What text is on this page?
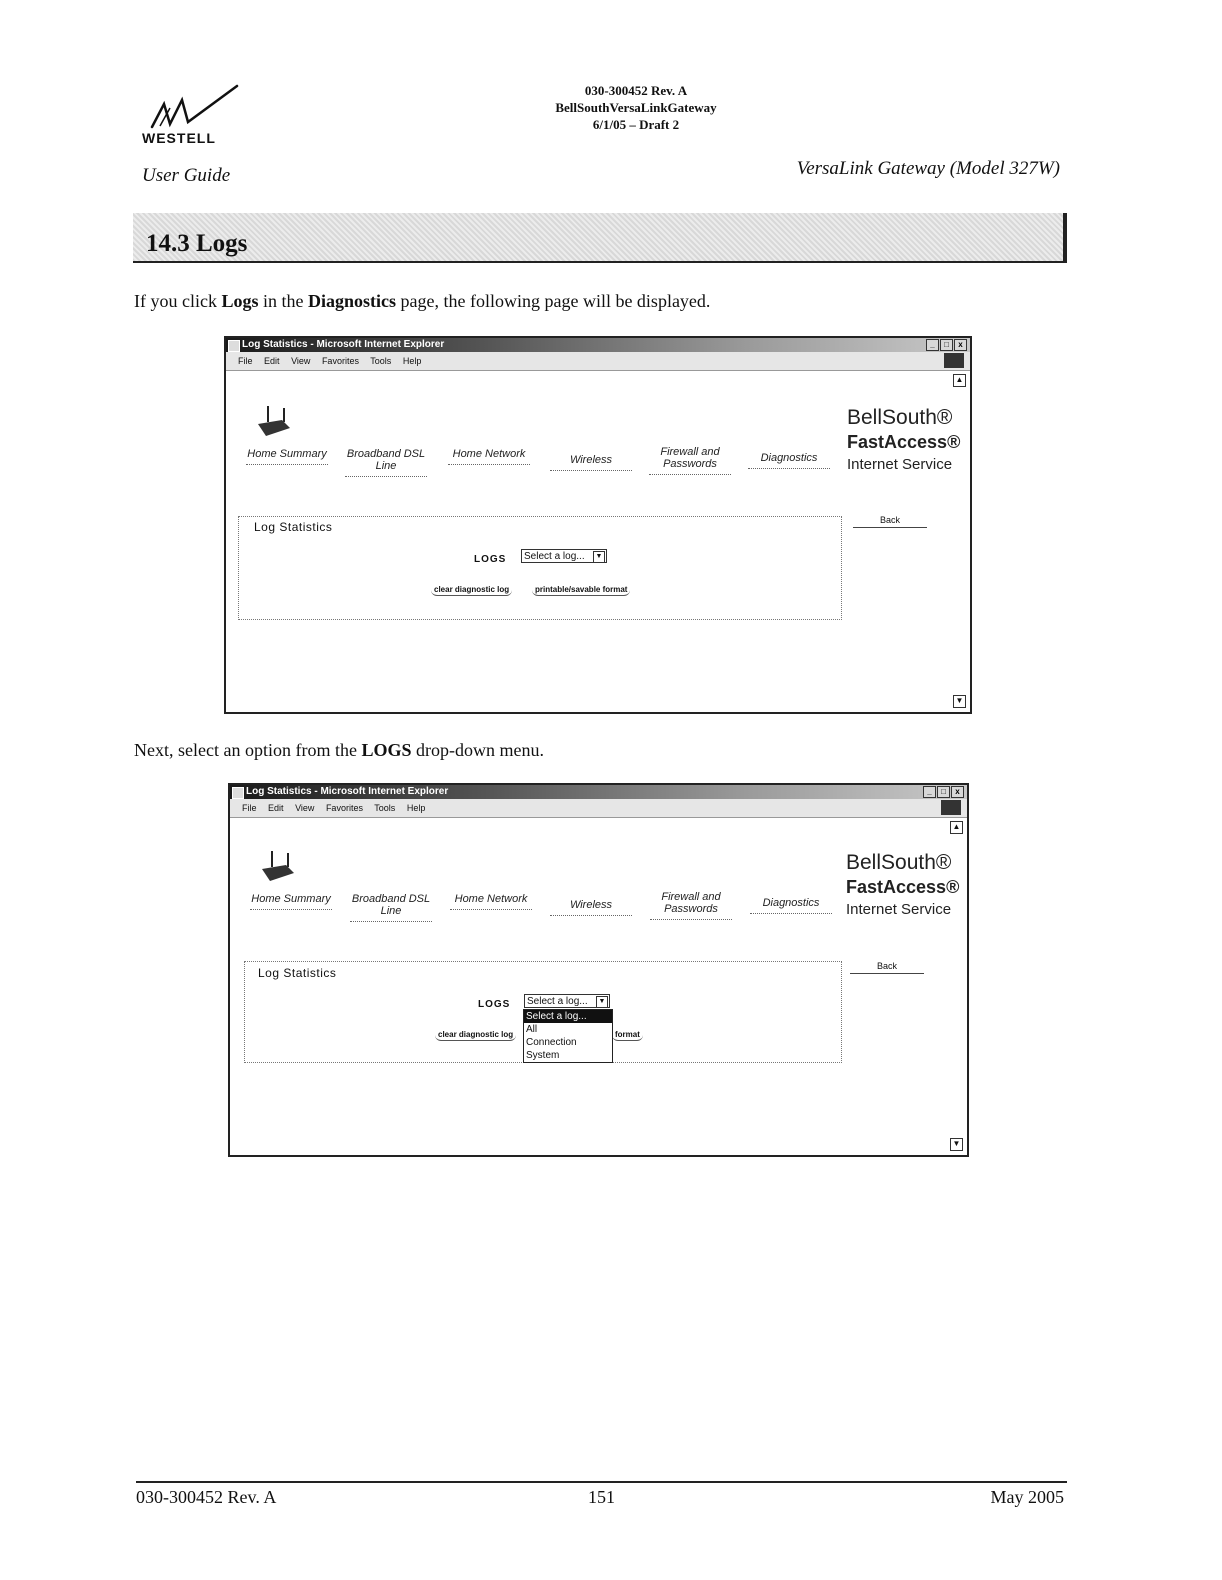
WESTELL
030-300452 Rev. A
BellSouthVersaLinkGateway
6/1/05 – Draft 2
User Guide	VersaLink Gateway (Model 327W)
14.3 Logs
If you click Logs in the Diagnostics page, the following page will be displayed.
Log Statistics - Microsoft Internet Explorer	_	□	x
File Edit View Favorites Tools Help
▲
Home Summary Broadband DSL Line
Home Network	Wireless
Firewall and Passwords	Diagnostics
BellSouth®
FastAccess®
Internet Service
Back
Log Statistics
LOGS	Select a log...	▼
clear diagnostic log	printable/savable format
▼
Next, select an option from the LOGS drop-down menu.
Log Statistics - Microsoft Internet Explorer	_	□	x
File Edit View Favorites Tools Help
▲
Home Summary Broadband DSL Line
Home Network	Wireless
Firewall and Passwords	Diagnostics
BellSouth®
FastAccess®
Internet Service
Back
Log Statistics
LOGS	Select a log...	▼
clear diagnostic log	format
Select a log...
All
Connection
System
▼
030-300452 Rev. A	151	May 2005
